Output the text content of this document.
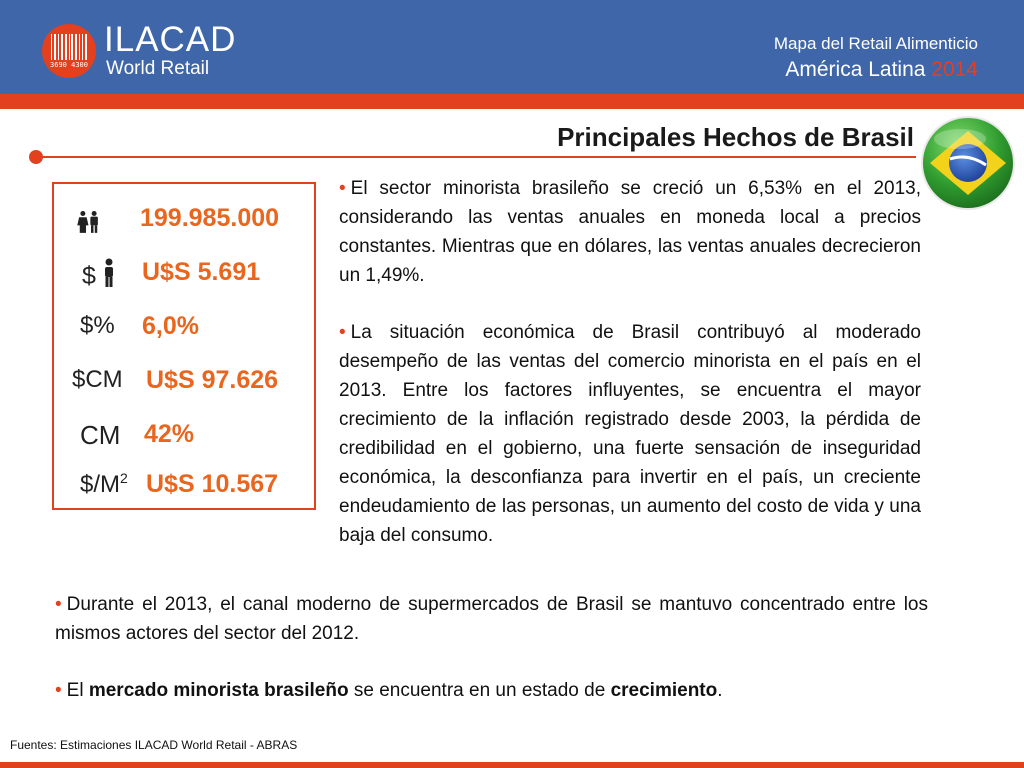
3690 4300
ILACAD
World Retail
Mapa del Retail Alimenticio
América Latina 2014
Principales Hechos de Brasil
199.985.000
$	U$S 5.691
$%	6,0%
$CM U$S 97.626
CM 42%
$\$/M^2$ U$S 10.567
• El sector minorista brasileño se creció un 6,53% en el 2013, considerando las ventas anuales en moneda local a precios constantes. Mientras que en dólares, las ventas anuales decrecieron un 1,49%.
• La situación económica de Brasil contribuyó al moderado desempeño de las ventas del comercio minorista en el país en el 2013. Entre los factores influyentes, se encuentra el mayor crecimiento de la inflación registrado desde 2003, la pérdida de credibilidad en el gobierno, una fuerte sensación de inseguridad económica, la desconfianza para invertir en el país, un creciente endeudamiento de las personas, un aumento del costo de vida y una baja del consumo.
• Durante el 2013, el canal moderno de supermercados de Brasil se mantuvo concentrado entre los mismos actores del sector del 2012.
• El mercado minorista brasileño se encuentra en un estado de crecimiento.
Fuentes: Estimaciones ILACAD World Retail - ABRAS
